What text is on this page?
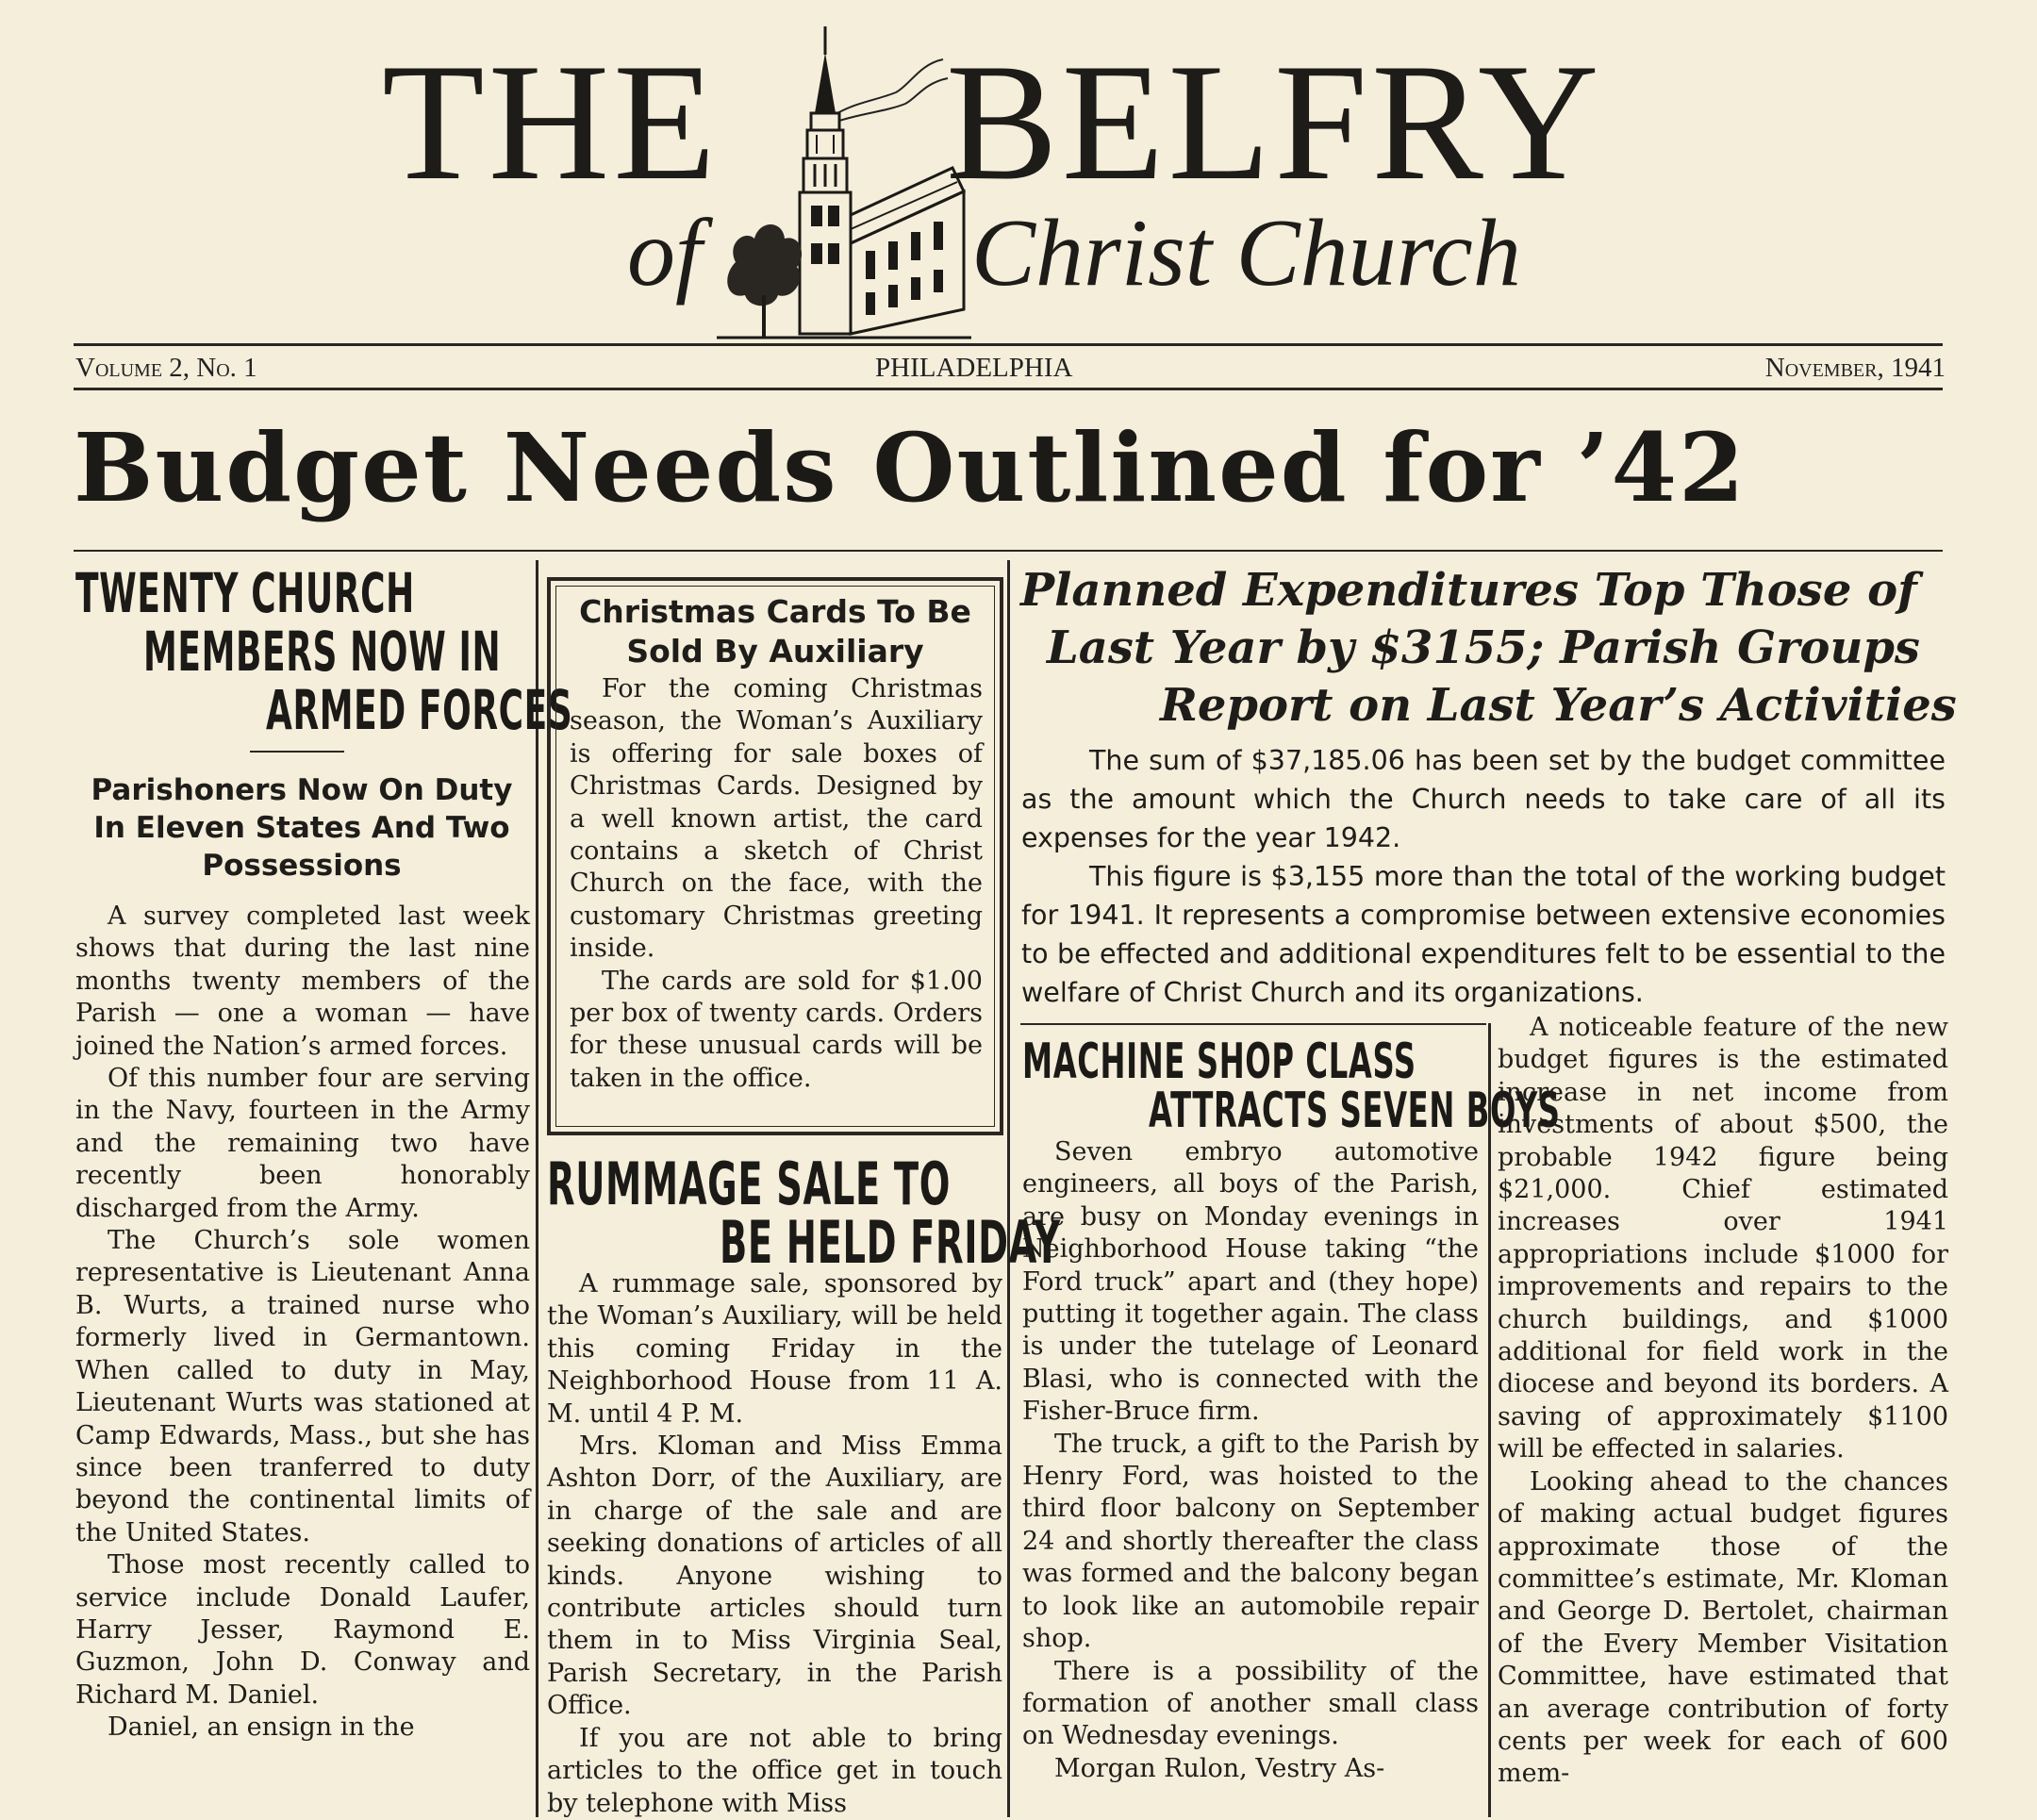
THE BELFRY
of	Christ Church
Volume 2, No. 1	PHILADELPHIA	November, 1941
Budget Needs Outlined for ’42
TWENTY CHURCH
MEMBERS NOW IN
ARMED FORCES
Parishoners Now On Duty In Eleven States And Two Possessions

A survey completed last week shows that during the last nine months twenty members of the Parish — one a woman — have joined the Nation’s armed forces.

Of this number four are serving in the Navy, fourteen in the Army and the remaining two have recently been honorably discharged from the Army.

The Church’s sole women representative is Lieutenant Anna B. Wurts, a trained nurse who formerly lived in Germantown. When called to duty in May, Lieutenant Wurts was stationed at Camp Edwards, Mass., but she has since been tranferred to duty beyond the continental limits of the United States.

Those most recently called to service include Donald Laufer, Harry Jesser, Raymond E. Guzmon, John D. Conway and Richard M. Daniel.

Daniel, an ensign in the

Christmas Cards To Be Sold By Auxiliary

For the coming Christmas season, the Woman’s Auxiliary is offering for sale boxes of Christmas Cards. Designed by a well known artist, the card contains a sketch of Christ Church on the face, with the customary Christmas greeting inside.

The cards are sold for $1.00 per box of twenty cards. Orders for these unusual cards will be taken in the office.

RUMMAGE SALE TO
BE HELD FRIDAY

A rummage sale, sponsored by the Woman’s Auxiliary, will be held this coming Friday in the Neighborhood House from 11 A. M. until 4 P. M.

Mrs. Kloman and Miss Emma Ashton Dorr, of the Auxiliary, are in charge of the sale and are seeking donations of articles of all kinds. Anyone wishing to contribute articles should turn them in to Miss Virginia Seal, Parish Secretary, in the Parish Office.

If you are not able to bring articles to the office get in touch by telephone with Miss

Planned Expenditures Top Those of
Last Year by $3155; Parish Groups
Report on Last Year’s Activities

The sum of $37,185.06 has been set by the budget committee as the amount which the Church needs to take care of all its expenses for the year 1942.

This figure is $3,155 more than the total of the working budget for 1941. It represents a compromise between extensive economies to be effected and additional expenditures felt to be essential to the welfare of Christ Church and its organizations.

MACHINE SHOP CLASS
ATTRACTS SEVEN BOYS

Seven embryo automotive engineers, all boys of the Parish, are busy on Monday evenings in Neighborhood House taking “the Ford truck” apart and (they hope) putting it together again. The class is under the tutelage of Leonard Blasi, who is connected with the Fisher-Bruce firm.

The truck, a gift to the Parish by Henry Ford, was hoisted to the third floor balcony on September 24 and shortly thereafter the class was formed and the balcony began to look like an automobile repair shop.

There is a possibility of the formation of another small class on Wednesday evenings.

Morgan Rulon, Vestry As-

A noticeable feature of the new budget figures is the estimated increase in net income from investments of about $500, the probable 1942 figure being $21,000. Chief estimated increases over 1941 appropriations include $1000 for improvements and repairs to the church buildings, and $1000 additional for field work in the diocese and beyond its borders. A saving of approximately $1100 will be effected in salaries.

Looking ahead to the chances of making actual budget figures approximate those of the committee’s estimate, Mr. Kloman and George D. Bertolet, chairman of the Every Member Visitation Committee, have estimated that an average contribution of forty cents per week for each of 600 mem-
